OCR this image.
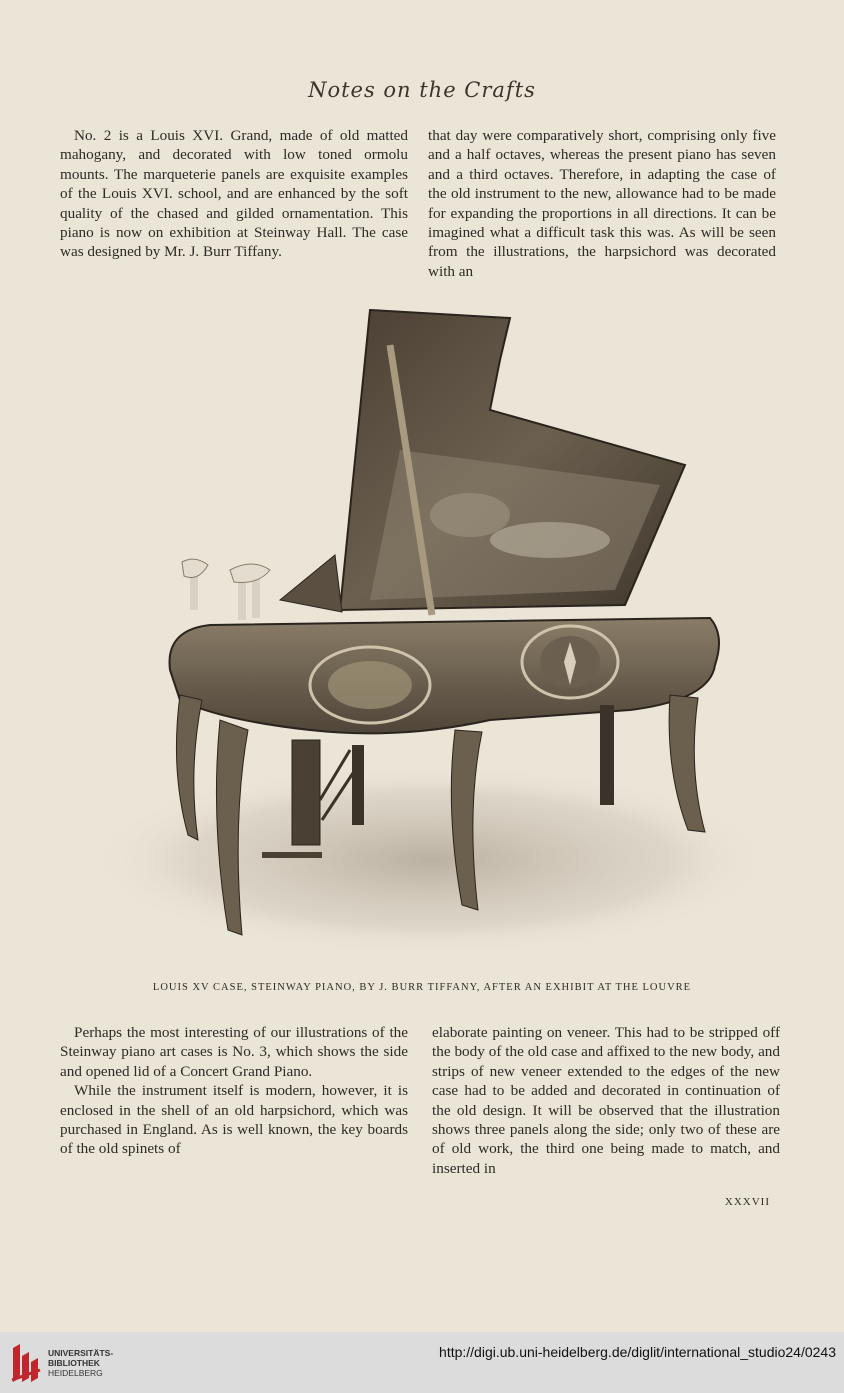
Notes on the Crafts

No. 2 is a Louis XVI. Grand, made of old matted mahogany, and decorated with low toned ormolu mounts. The marqueterie panels are exquisite examples of the Louis XVI. school, and are enhanced by the soft quality of the chased and gilded ornamentation. This piano is now on exhibition at Steinway Hall. The case was designed by Mr. J. Burr Tiffany.

that day were comparatively short, comprising only five and a half octaves, whereas the present piano has seven and a third octaves. Therefore, in adapting the case of the old instrument to the new, allowance had to be made for expanding the proportions in all directions. It can be imagined what a difficult task this was. As will be seen from the illustrations, the harpsichord was decorated with an

LOUIS XV CASE, STEINWAY PIANO, BY J. BURR TIFFANY, AFTER AN EXHIBIT AT THE LOUVRE

Perhaps the most interesting of our illustrations of the Steinway piano art cases is No. 3, which shows the side and opened lid of a Concert Grand Piano.

While the instrument itself is modern, however, it is enclosed in the shell of an old harpsichord, which was purchased in England. As is well known, the key boards of the old spinets of

elaborate painting on veneer. This had to be stripped off the body of the old case and affixed to the new body, and strips of new veneer extended to the edges of the new case had to be added and decorated in continuation of the old design. It will be observed that the illustration shows three panels along the side; only two of these are of old work, the third one being made to match, and inserted in

XXXVII
UNIVERSITÄTS-
BIBLIOTHEK
HEIDELBERG
http://digi.ub.uni-heidelberg.de/diglit/international_studio24/0243
